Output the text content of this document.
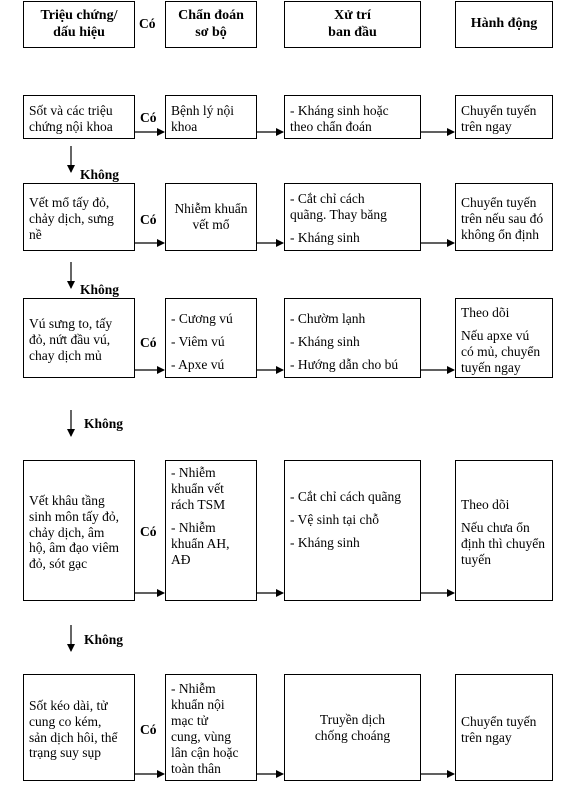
Triệu chứng/
dấu hiệu
Có
Chẩn đoán
sơ bộ
Xử trí
ban đầu
Hành động
Sốt và các triệu
chứng nội khoa
Có Bệnh lý nội
khoa
- Kháng sinh hoặc
theo chẩn đoán
Chuyển tuyến
trên ngay
Không
Vết mổ tấy đỏ,
chảy dịch, sưng
nề
Có
Nhiễm khuẩn
vết mổ
- Cắt chỉ cách
quãng. Thay băng
- Kháng sinh
Chuyển tuyến
trên nếu sau đó
không ổn định
Không
Vú sưng to, tấy
đỏ, nứt đầu vú,
chay dịch mủ
Có
- Cương vú
- Viêm vú
- Apxe vú
- Chườm lạnh
- Kháng sinh
- Hướng dẫn cho bú
Theo dõi
Nếu apxe vú
có mủ, chuyển
tuyến ngay
Không
Vết khâu tầng
sinh môn tấy đỏ,
chảy dịch, âm
hộ, âm đạo viêm
đỏ, sót gạc
Có
- Nhiễm
khuẩn vết
rách TSM
- Nhiễm
khuẩn AH,
AĐ
- Cắt chỉ cách quãng
- Vệ sinh tại chỗ
- Kháng sinh
Theo dõi
Nếu chưa ổn
định thì chuyển
tuyến
Không
Sốt kéo dài, tử
cung co kém,
sản dịch hôi, thể
trạng suy sụp
Có
- Nhiễm
khuẩn nội
mạc tử
cung, vùng
lân cận hoặc
toàn thân
Truyền dịch
chống choáng
Chuyển tuyến
trên ngay
